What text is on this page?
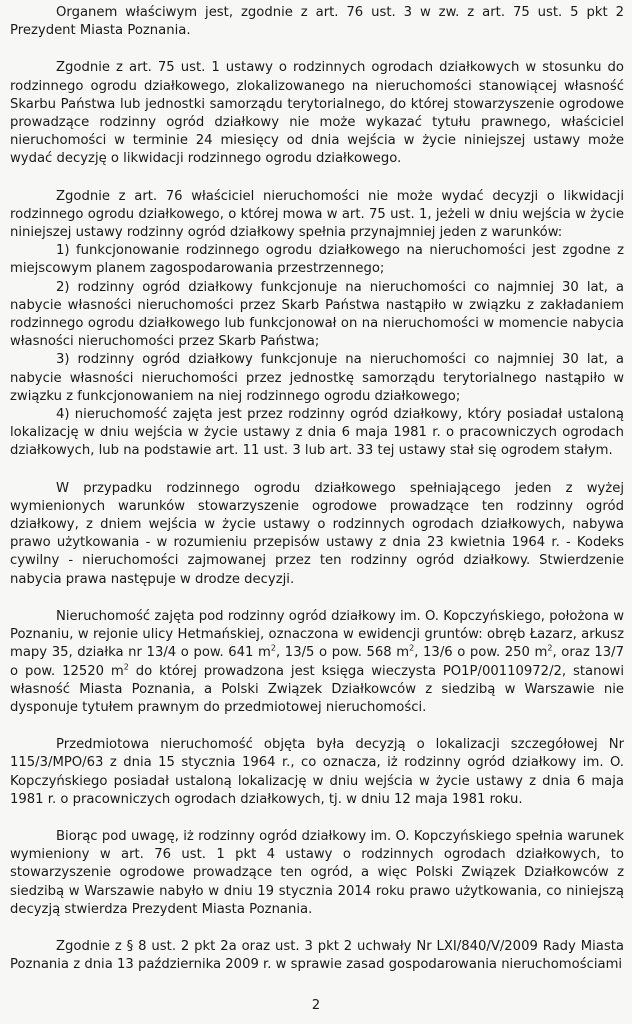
Organem właściwym jest, zgodnie z art. 76 ust. 3 w zw. z art. 75 ust. 5 pkt 2 Prezydent Miasta Poznania.

Zgodnie z art. 75 ust. 1 ustawy o rodzinnych ogrodach działkowych w stosunku do rodzinnego ogrodu działkowego, zlokalizowanego na nieruchomości stanowiącej własność Skarbu Państwa lub jednostki samorządu terytorialnego, do której stowarzyszenie ogrodowe prowadzące rodzinny ogród działkowy nie może wykazać tytułu prawnego, właściciel nieruchomości w terminie 24 miesięcy od dnia wejścia w życie niniejszej ustawy może wydać decyzję o likwidacji rodzinnego ogrodu działkowego.

Zgodnie z art. 76 właściciel nieruchomości nie może wydać decyzji o likwidacji rodzinnego ogrodu działkowego, o której mowa w art. 75 ust. 1, jeżeli w dniu wejścia w życie niniejszej ustawy rodzinny ogród działkowy spełnia przynajmniej jeden z warunków:
1) funkcjonowanie rodzinnego ogrodu działkowego na nieruchomości jest zgodne z miejscowym planem zagospodarowania przestrzennego;
2) rodzinny ogród działkowy funkcjonuje na nieruchomości co najmniej 30 lat, a nabycie własności nieruchomości przez Skarb Państwa nastąpiło w związku z zakładaniem rodzinnego ogrodu działkowego lub funkcjonował on na nieruchomości w momencie nabycia własności nieruchomości przez Skarb Państwa;
3) rodzinny ogród działkowy funkcjonuje na nieruchomości co najmniej 30 lat, a nabycie własności nieruchomości przez jednostkę samorządu terytorialnego nastąpiło w związku z funkcjonowaniem na niej rodzinnego ogrodu działkowego;
4) nieruchomość zajęta jest przez rodzinny ogród działkowy, który posiadał ustaloną lokalizację w dniu wejścia w życie ustawy z dnia 6 maja 1981 r. o pracowniczych ogrodach działkowych, lub na podstawie art. 11 ust. 3 lub art. 33 tej ustawy stał się ogrodem stałym.

W przypadku rodzinnego ogrodu działkowego spełniającego jeden z wyżej wymienionych warunków stowarzyszenie ogrodowe prowadzące ten rodzinny ogród działkowy, z dniem wejścia w życie ustawy o rodzinnych ogrodach działkowych, nabywa prawo użytkowania - w rozumieniu przepisów ustawy z dnia 23 kwietnia 1964 r. - Kodeks cywilny - nieruchomości zajmowanej przez ten rodzinny ogród działkowy. Stwierdzenie nabycia prawa następuje w drodze decyzji.

Nieruchomość zajęta pod rodzinny ogród działkowy im. O. Kopczyńskiego, położona w Poznaniu, w rejonie ulicy Hetmańskiej, oznaczona w ewidencji gruntów: obręb Łazarz, arkusz mapy 35, działka nr 13/4 o pow. 641 $m^2$, 13/5 o pow. 568 $m^2$, 13/6 o pow. 250 $m^2$, oraz 13/7 o pow. 12520 $m^2$ do której prowadzona jest księga wieczysta PO1P/00110972/2, stanowi własność Miasta Poznania, a Polski Związek Działkowców z siedzibą w Warszawie nie dysponuje tytułem prawnym do przedmiotowej nieruchomości.

Przedmiotowa nieruchomość objęta była decyzją o lokalizacji szczegółowej Nr 115/3/MPO/63 z dnia 15 stycznia 1964 r., co oznacza, iż rodzinny ogród działkowy im. O. Kopczyńskiego posiadał ustaloną lokalizację w dniu wejścia w życie ustawy z dnia 6 maja 1981 r. o pracowniczych ogrodach działkowych, tj. w dniu 12 maja 1981 roku.

Biorąc pod uwagę, iż rodzinny ogród działkowy im. O. Kopczyńskiego spełnia warunek wymieniony w art. 76 ust. 1 pkt 4 ustawy o rodzinnych ogrodach działkowych, to stowarzyszenie ogrodowe prowadzące ten ogród, a więc Polski Związek Działkowców z siedzibą w Warszawie nabyło w dniu 19 stycznia 2014 roku prawo użytkowania, co niniejszą decyzją stwierdza Prezydent Miasta Poznania.

Zgodnie z § 8 ust. 2 pkt 2a oraz ust. 3 pkt 2 uchwały Nr LXI/840/V/2009 Rady Miasta Poznania z dnia 13 października 2009 r. w sprawie zasad gospodarowania nieruchomościami

2
